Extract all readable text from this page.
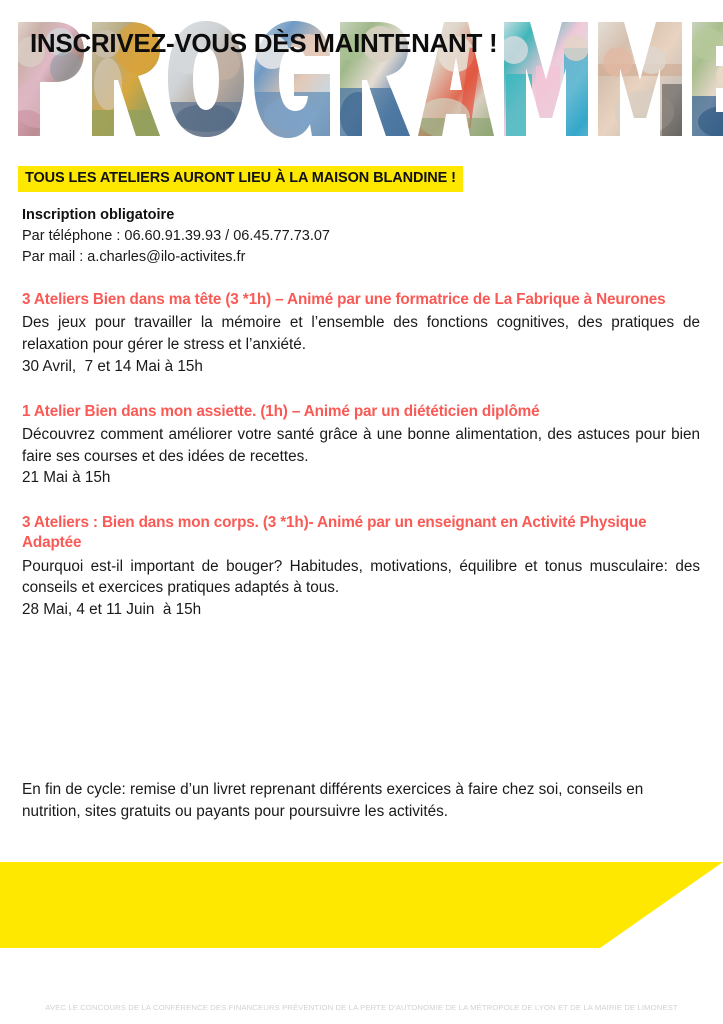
TOUS LES ATELIERS AURONT LIEU À LA MAISON BLANDINE !

Inscription obligatoire

Par téléphone : 06.60.91.39.93 / 06.45.77.73.07

Par mail : a.charles@ilo-activites.fr

3 Ateliers Bien dans ma tête (3 *1h) – Animé par une formatrice de La Fabrique à Neurones

Des jeux pour travailler la mémoire et l’ensemble des fonctions cognitives, des pratiques de relaxation pour gérer le stress et l’anxiété.

30 Avril,  7 et 14 Mai à 15h

1 Atelier Bien dans mon assiette. (1h) – Animé par un diététicien diplômé

Découvrez comment améliorer votre santé grâce à une bonne alimentation, des astuces pour bien faire ses courses et des idées de recettes.

21 Mai à 15h

3 Ateliers : Bien dans mon corps. (3 *1h)- Animé par un enseignant en Activité Physique Adaptée

Pourquoi est-il important de bouger? Habitudes, motivations, équilibre et tonus musculaire: des conseils et exercices pratiques adaptés à tous.

28 Mai, 4 et 11 Juin  à 15h

En fin de cycle: remise d’un livret reprenant différents exercices à faire chez soi, conseils en nutrition, sites gratuits ou payants pour poursuivre les activités.

INSCRIVEZ-VOUS DÈS MAINTENANT !
AVEC LE CONCOURS DE LA CONFÉRENCE DES FINANCEURS PRÉVENTION DE LA PERTE D'AUTONOMIE DE LA MÉTROPOLE DE LYON ET DE LA MAIRIE DE LIMONEST
